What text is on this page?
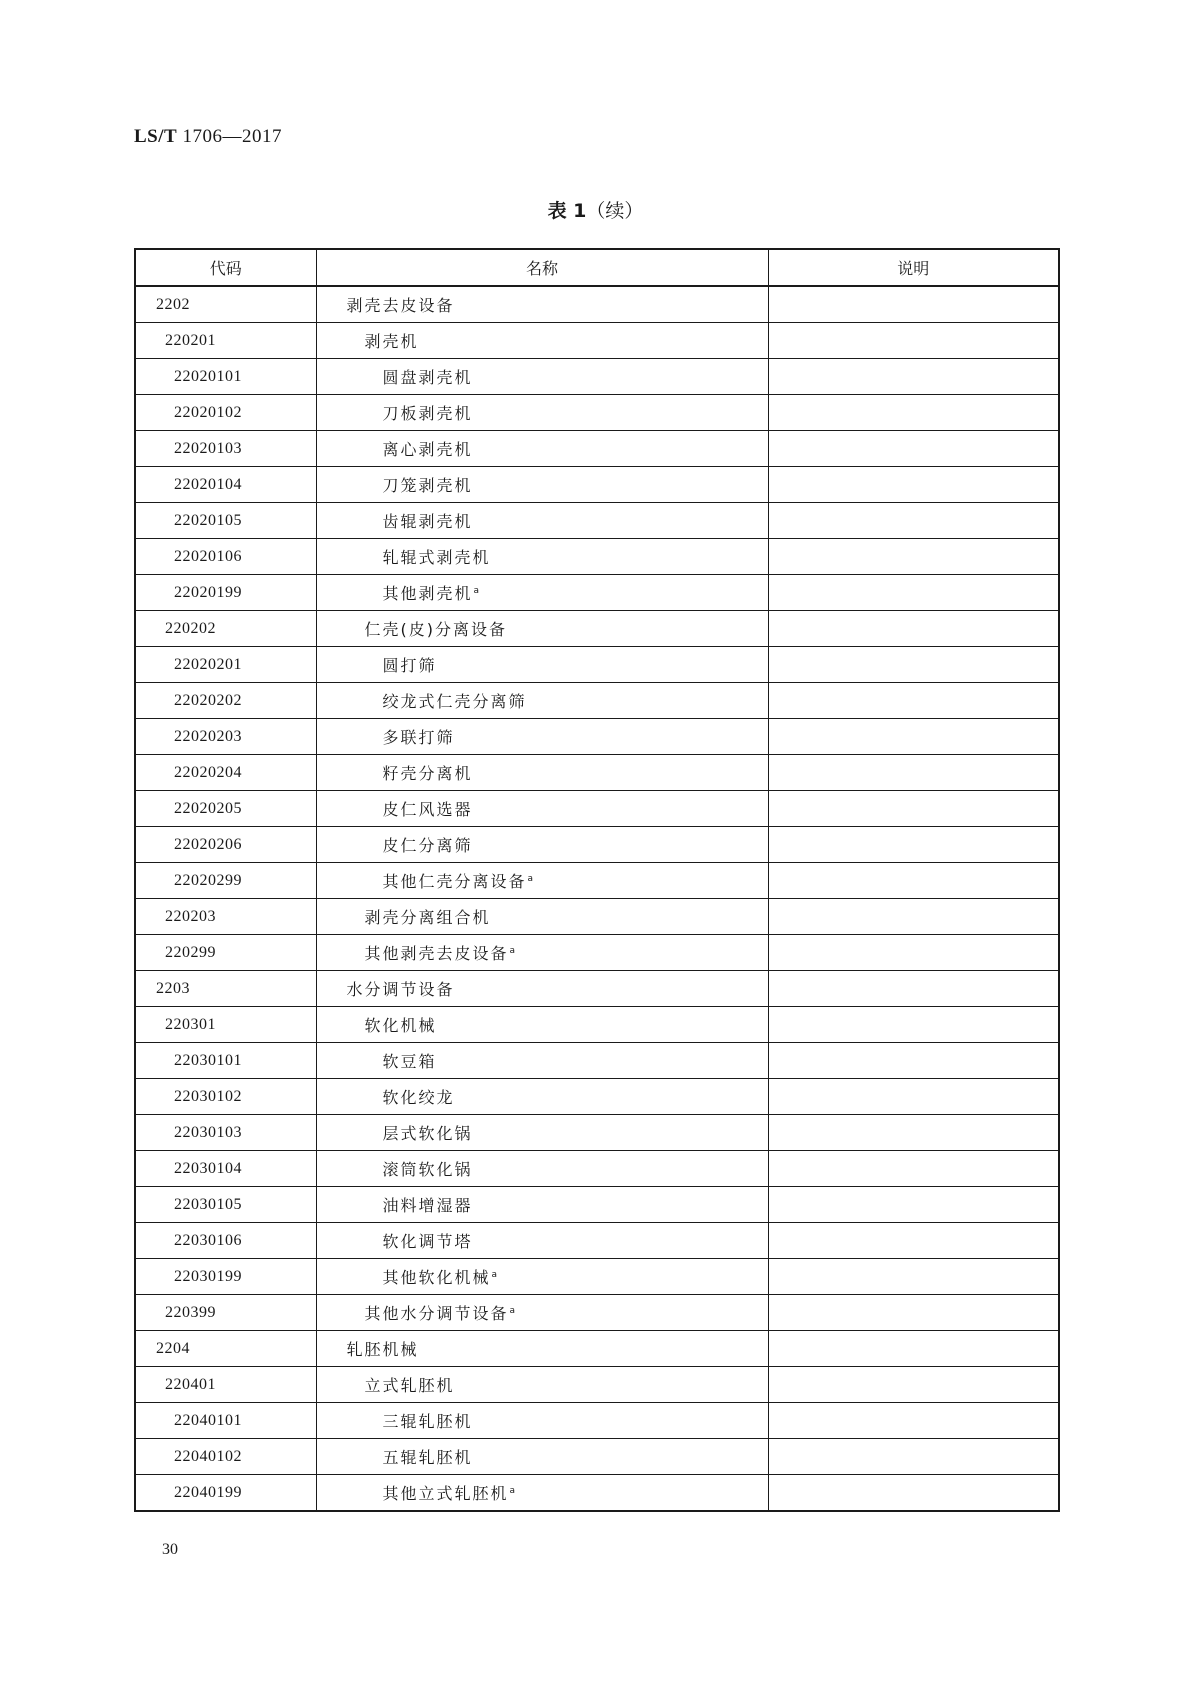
LS/T 1706—2017
表 1（续）
代码	名称	说明
2202	剥壳去皮设备	
220201	剥壳机	
22020101	圆盘剥壳机	
22020102	刀板剥壳机	
22020103	离心剥壳机	
22020104	刀笼剥壳机	
22020105	齿辊剥壳机	
22020106	轧辊式剥壳机	
22020199	其他剥壳机$^a$	
220202	仁壳(皮)分离设备	
22020201	圆打筛	
22020202	绞龙式仁壳分离筛	
22020203	多联打筛	
22020204	籽壳分离机	
22020205	皮仁风选器	
22020206	皮仁分离筛	
22020299	其他仁壳分离设备$^a$	
220203	剥壳分离组合机	
220299	其他剥壳去皮设备$^a$	
2203	水分调节设备	
220301	软化机械	
22030101	软豆箱	
22030102	软化绞龙	
22030103	层式软化锅	
22030104	滚筒软化锅	
22030105	油料增湿器	
22030106	软化调节塔	
22030199	其他软化机械$^a$	
220399	其他水分调节设备$^a$	
2204	轧胚机械	
220401	立式轧胚机	
22040101	三辊轧胚机	
22040102	五辊轧胚机	
22040199	其他立式轧胚机$^a$	
30
